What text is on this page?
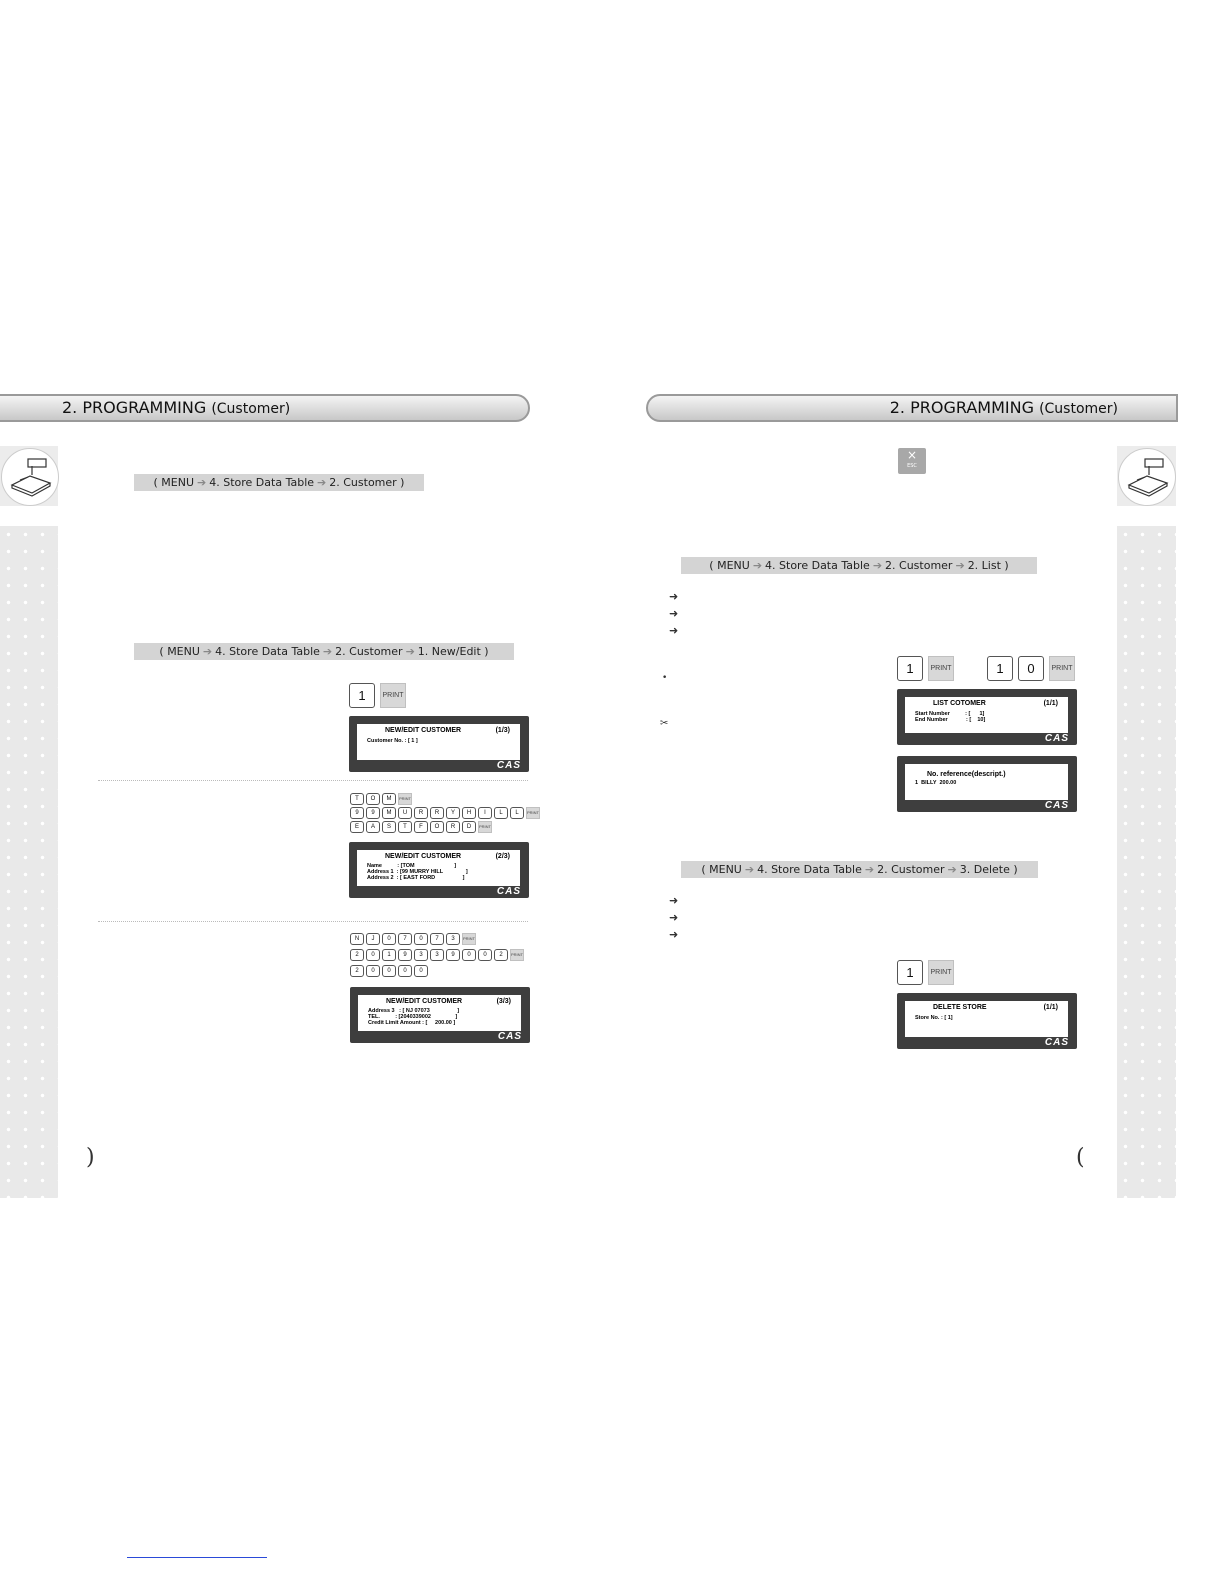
2. PROGRAMMING (Customer)	2. PROGRAMMING (Customer)
( MENU ➔ 4. Store Data Table ➔ 2. Customer )
( MENU ➔ 4. Store Data Table ➔ 2. Customer ➔ 1. New/Edit )
1	PRINT
NEW/EDIT CUSTOMER	(1/3)
Customer No. : [ 1 ]
CAS
T	O	M	PRINT
9	9	M	U	R	R	Y	H	I	L	L	PRINT
E	A	S	T	F	O	R	D	PRINT
NEW/EDIT CUSTOMER	(2/3)
Name          : [TOM                          ]
Address 1  : [99 MURRY HILL               ]
Address 2  : [ EAST FORD                  ]
CAS
N	J	0	7	0	7	3	PRINT
2	0	1	9	3	3	9	0	0	2	PRINT
2	0	0	0	0
NEW/EDIT CUSTOMER	(3/3)
Address 3   : [ NJ 07073                  ]
TEL.          : [2040339002                ]
Credit Limit Amount : [     200.00 ]
CAS
)
×
ESC
( MENU ➔ 4. Store Data Table ➔ 2. Customer ➔ 2. List )
➜
➜
➜
•
✂
1	PRINT	1	0	PRINT
LIST COTOMER	(1/1)
Start Number          : [      1]
End Number            : [    10]
CAS
No. reference(descript.)
1  BILLY  200.00
CAS
( MENU ➔ 4. Store Data Table ➔ 2. Customer ➔ 3. Delete )
➜
➜
➜
1	PRINT
DELETE STORE	(1/1)
Store No. : [ 1]
CAS
(
